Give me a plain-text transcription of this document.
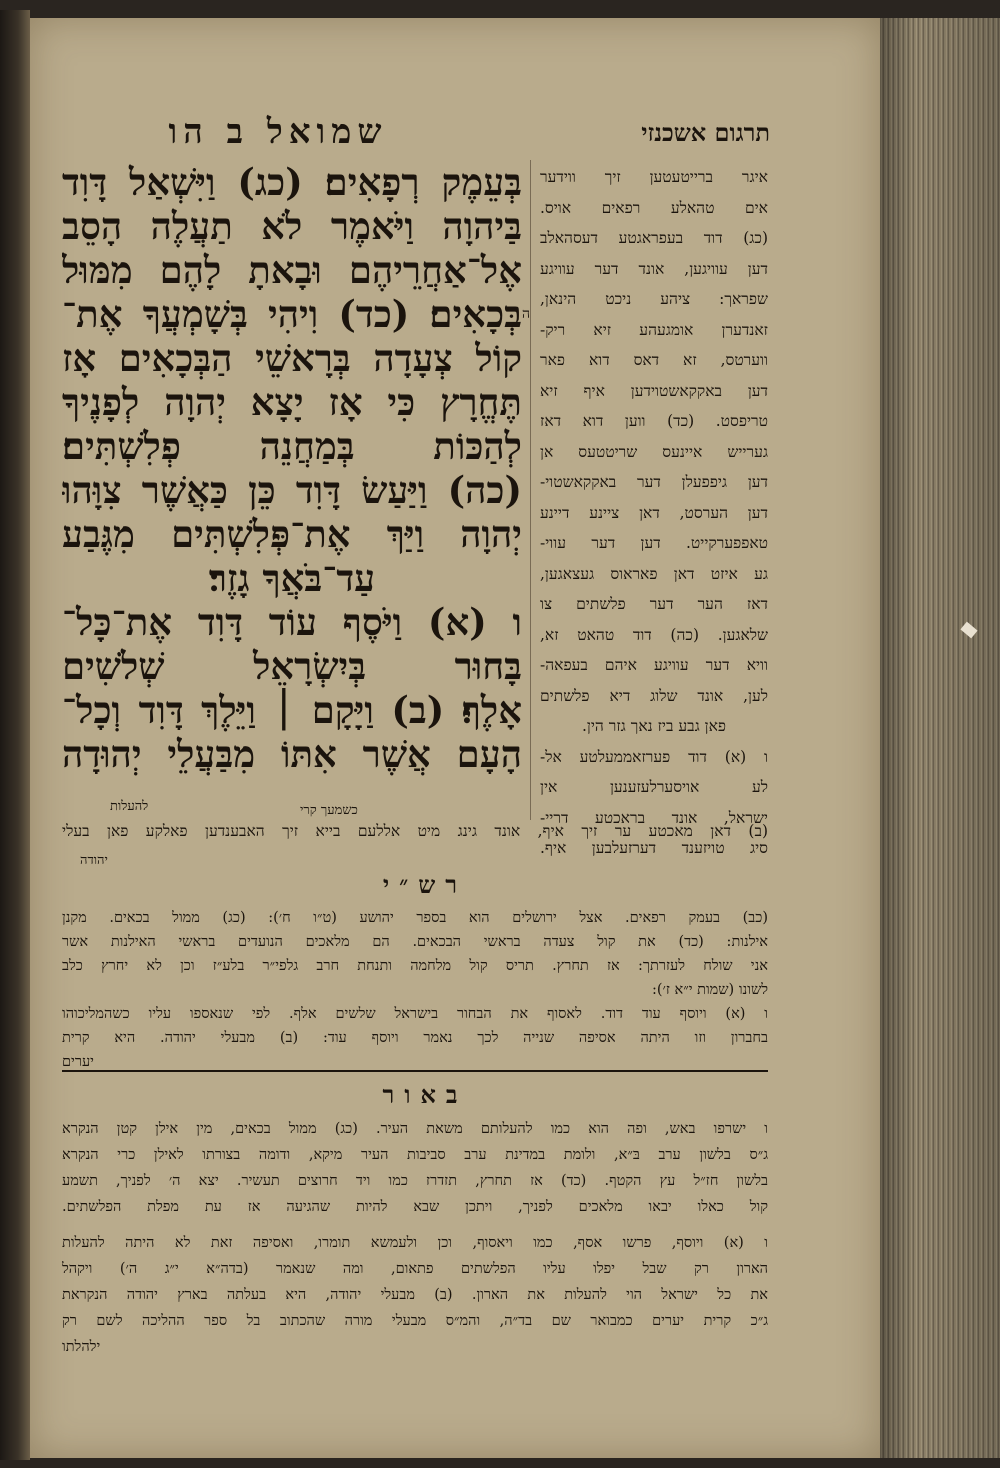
שמואל ב הו	תרגום אשכנזי
בְּעֵמֶק רְפָאִים׃ (כג) וַיִּשְׁאַל דָּוִד
בַּיהוָה וַיֹּאמֶר לֹא תַעֲלֶה הָסֵב
אֶל־אַחֲרֵיהֶם וּבָאתָ לָהֶם מִמּוּל
בְּכָאִים׃ (כד) וִיהִי בְּשָׁמְעֲךָ אֶת־
קוֹל צְעָדָה בְּרָאשֵׁי הַבְּכָאִים אָז
תֶּחֱרָץ כִּי אָז יָצָא יְהוָה לְפָנֶיךָ
לְהַכּוֹת בְּמַחֲנֵה פְלִשְׁתִּים׃
(כה) וַיַּעַשׂ דָּוִד כֵּן כַּאֲשֶׁר צִוָּהוּ
יְהוָה וַיַּךְ אֶת־פְּלִשְׁתִּים מִגֶּבַע
עַד־בֹּאֲךָ גָזֶר׃
ו (א) וַיֹּסֶף עוֹד דָּוִד אֶת־כָּל־
בָּחוּר בְּיִשְׂרָאֵל שְׁלֹשִׁים
אָלֶף׃ (ב) וַיָּקָם ׀ וַיֵּלֶךְ דָּוִד וְכָל־
הָעָם אֲשֶׁר אִתּוֹ מִבַּעֲלֵי יְהוּדָה
ה
כשמעך קרי
להעלות
איגר ברייטעטען זיך ווידער
אים טהאלע רפאים אויס.
(כג) דוד בעפראגטע דעסהאלב
דען עוויגען, אונד דער עוויגע
שפראך: ציהע ניכט הינאן,
זאנדערן אומגעהע זיא ריק-
ווערטס, זא דאס דוא פאר
דען באקקאשטוידען איף זיא
טריפסט. (כד) ווען דוא דאז
גערייש איינעס שריטטעס אן
דען גיפפעלן דער באקקאשטוי-
דען הערסט, דאן ציינע דיינע
טאפפערקייט. דען דער עווי-
גע איזט דאן פאראוס געצאגען,
דאז הער דער פלשתים צו
שלאגען. (כה) דוד טהאט זא,
וויא דער עוויגע איהם בעפאה-
לען, אונד שלוג דיא פלשתים
פאן גבע ביז נאך גזר הין.
ו (א) דוד פערזאממעלטע אל-
לע אויסערלעזענען אין
ישראל, אונד בראכטע דריי-
סיג טויזענד דערזעלבען איף.
(ב) דאן מאכטע ער זיך איף, אונד גינג מיט אללעם בייא זיך האבענדען פאלקע פאן בעלי
יהודה
רש״י
(כב) בעמק רפאים. אצל ירושלים הוא בספר יהושע (ט״ו ח׳): (כג) ממול בכאים. מקנן
אילנות: (כד) את קול צעדה בראשי הבכאים. הם מלאכים הנועדים בראשי האילנות אשר
אני שולח לעזרתך: אז תחרץ. תריס קול מלחמה ותנחת חרב גלפי״ר בלע״ז וכן לא יחרץ כלב
לשונו (שמות י״א ז׳):
ו (א) ויוסף עוד דוד. לאסוף את הבחור בישראל שלשים אלף. לפי שנאספו עליו כשהמליכוהו
בחברון וזו היתה אסיפה שנייה לכך נאמר ויוסף עוד: (ב) מבעלי יהודה. היא קרית
יערים
באור
ו ישרפו באש, ופה הוא כמו להעלותם משאת העיר. (כג) ממול בכאים, מין אילן קטן הנקרא
ג״ס בלשון ערב בּ״א, ולומת במדינת ערב סביבות העיר מיקא, ודומה בצורתו לאילן כרי הנקרא
בלשון חז״ל עץ הקטף. (כד) אז תחרץ, תזדרז כמו ויד חרוצים תעשיר. יצא ה׳ לפניך, תשמע
קול כאלו יבאו מלאכים לפניך, ויתכן שבא להיות שהגיעה אז עת מפלת הפלשתים.
ו (א) ויוסף, פרשו אסף, כמו ויאסוף, וכן ולעמשא תומרו, ואסיפה זאת לא היתה להעלות
הארון רק שבל יפלו עליו הפלשתים פתאום, ומה שנאמר (בדה״א י״ג ה׳) ויקהל
את כל ישראל הוי להעלות את הארון. (ב) מבעלי יהודה, היא בעלתה בארץ יהודה הנקראת
ג״כ קרית יערים כמבואר שם בד״ה, והמ״ס מבעלי מורה שהכתוב בל ספר ההליכה לשם רק
ילהלתו
